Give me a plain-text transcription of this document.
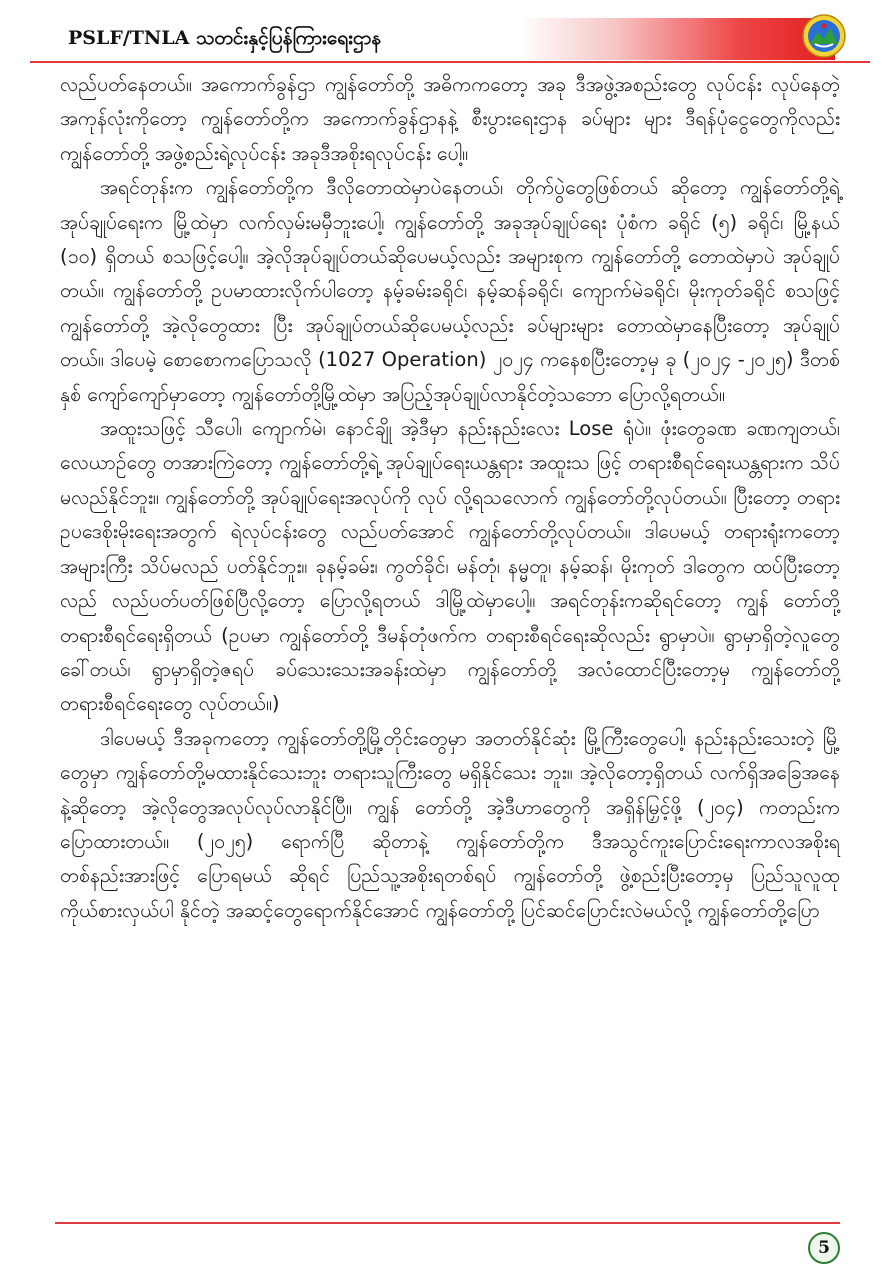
PSLF/TNLA သတင်းနှင့်ပြန်ကြားရေးဌာန

လည်ပတ်နေတယ်။ အကောက်ခွန်ဌာ ကျွန်တော်တို့ အဓိကကတော့ အခု ဒီအဖွဲ့အစည်းတွေ လုပ်ငန်း လုပ်နေတဲ့ အကုန်လုံးကိုတော့ ကျွန်တော်တို့က အကောက်ခွန်ဌာနနဲ့ စီးပွားရေးဌာန ခပ်များ များ ဒီရန်ပုံငွေတွေကိုလည်း ကျွန်တော်တို့ အဖွဲ့စည်းရဲ့လုပ်ငန်း အခုဒီအစိုးရလုပ်ငန်း ပေါ့။

အရင်တုန်းက ကျွန်တော်တို့က ဒီလိုတောထဲမှာပဲနေတယ်၊ တိုက်ပွဲတွေဖြစ်တယ် ဆိုတော့ ကျွန်တော်တို့ရဲ့ အုပ်ချုပ်ရေးက မြို့ထဲမှာ လက်လှမ်းမမှီဘူးပေါ့၊ ကျွန်တော်တို့ အခုအုပ်ချုပ်ရေး ပုံစံက ခရိုင် (၅) ခရိုင်၊ မြို့နယ် (၁၀) ရှိတယ် စသဖြင့်ပေါ့။ အဲ့လိုအုပ်ချုပ်တယ်ဆိုပေမယ့်လည်း အများစုက ကျွန်တော်တို့ တောထဲမှာပဲ အုပ်ချုပ်တယ်။ ကျွန်တော်တို့ ဥပမာထားလိုက်ပါတော့ နမ့်ခမ်းခရိုင်၊ နမ့်ဆန်ခရိုင်၊ ကျောက်မဲခရိုင်၊ မိုးကုတ်ခရိုင် စသဖြင့် ကျွန်တော်တို့ အဲ့လိုတွေထား ပြီး အုပ်ချုပ်တယ်ဆိုပေမယ့်လည်း ခပ်များများ တောထဲမှာနေပြီးတော့ အုပ်ချုပ်တယ်။ ဒါပေမဲ့ စောစောကပြောသလို (1027 Operation) ၂၀၂၄ ကနေစပြီးတော့မှ ခု (၂၀၂၄ -၂၀၂၅) ဒီတစ်နှစ် ကျော်ကျော်မှာတော့ ကျွန်တော်တို့မြို့ထဲမှာ အပြည့်အုပ်ချုပ်လာနိုင်တဲ့သဘော ပြောလို့ရတယ်။

အထူးသဖြင့် သီပေါ၊ ကျောက်မဲ၊ နောင်ချို အဲ့ဒီမှာ နည်းနည်းလေး Lose ရုံပဲ။ ဖုံးတွေခဏ ခဏကျတယ်၊ လေယာဉ်တွေ တအားကြဲတော့ ကျွန်တော်တို့ရဲ့ အုပ်ချုပ်ရေးယန္တရား အထူးသ ဖြင့် တရားစီရင်ရေးယန္တရားက သိပ်မလည်နိုင်ဘူး။ ကျွန်တော်တို့ အုပ်ချုပ်ရေးအလုပ်ကို လုပ် လို့ရသလောက် ကျွန်တော်တို့လုပ်တယ်။ ပြီးတော့ တရားဥပဒေစိုးမိုးရေးအတွက် ရဲလုပ်ငန်းတွေ လည်ပတ်အောင် ကျွန်တော်တို့လုပ်တယ်။ ဒါပေမယ့် တရားရုံးကတော့ အများကြီး သိပ်မလည် ပတ်နိုင်ဘူး။ ခုနမ့်ခမ်း၊ ကွတ်ခိုင်၊ မန်တုံ၊ နမ္မတူ၊ နမ့်ဆန်၊ မိုးကုတ် ဒါတွေက ထပ်ပြီးတော့ လည် လည်ပတ်ပတ်ဖြစ်ပြီလို့တော့ ပြောလို့ရတယ် ဒါမြို့ထဲမှာပေါ့။ အရင်တုန်းကဆိုရင်တော့ ကျွန် တော်တို့ တရားစီရင်ရေးရှိတယ် (ဥပမာ ကျွန်တော်တို့ ဒီမန်တုံဖက်က တရားစီရင်ရေးဆိုလည်း ရွာမှာပဲ။ ရွာမှာရှိတဲ့လူတွေ ခေါ်တယ်၊ ရွာမှာရှိတဲ့ဇရပ် ခပ်သေးသေးအခန်းထဲမှာ ကျွန်တော်တို့ အလံထောင်ပြီးတော့မှ ကျွန်တော်တို့ တရားစီရင်ရေးတွေ လုပ်တယ်။)

ဒါပေမယ့် ဒီအခုကတော့ ကျွန်တော်တို့မြို့တိုင်းတွေမှာ အတတ်နိုင်ဆုံး မြို့ကြီးတွေပေါ့၊ နည်းနည်းသေးတဲ့ မြို့တွေမှာ ကျွန်တော်တို့မထားနိုင်သေးဘူး တရားသူကြီးတွေ မရှိနိုင်သေး ဘူး။ အဲ့လိုတော့ရှိတယ် လက်ရှိအခြေအနေနဲ့ဆိုတော့ အဲ့လိုတွေအလုပ်လုပ်လာနိုင်ပြီ။ ကျွန် တော်တို့ အဲ့ဒီဟာတွေကို အရှိန်မြှင့်ဖို့ (၂၀၄) ကတည်းက ပြောထားတယ်။ (၂၀၂၅) ရောက်ပြီ ဆိုတာနဲ့ ကျွန်တော်တို့က ဒီအသွင်ကူးပြောင်းရေးကာလအစိုးရ တစ်နည်းအားဖြင့် ပြောရမယ် ဆိုရင် ပြည်သူ့အစိုးရတစ်ရပ် ကျွန်တော်တို့ ဖွဲ့စည်းပြီးတော့မှ ပြည်သူလူထု ကိုယ်စားလှယ်ပါ နိုင်တဲ့ အဆင့်တွေရောက်နိုင်အောင် ကျွန်တော်တို့ ပြင်ဆင်ပြောင်းလဲမယ်လို့ ကျွန်တော်တို့ပြော

5
